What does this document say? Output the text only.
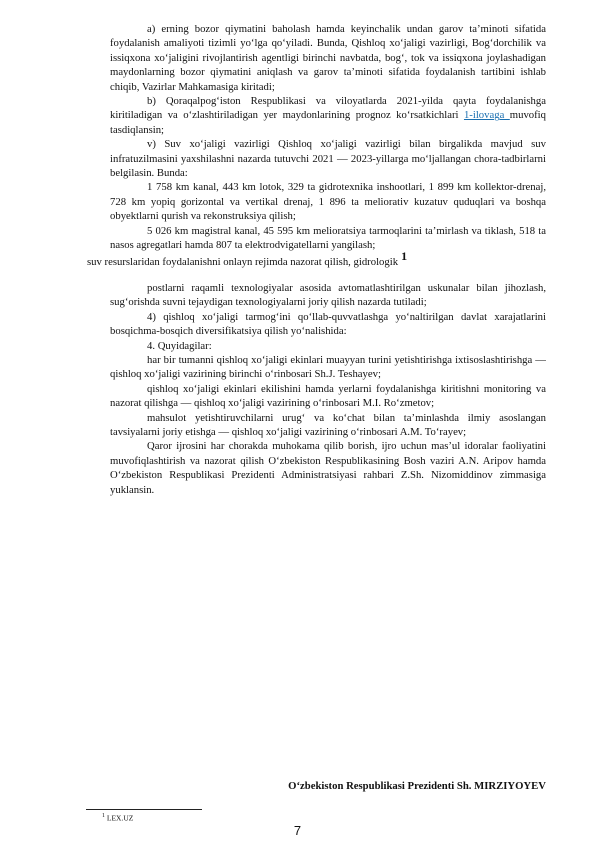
a) erning bozor qiymatini baholash hamda keyinchalik undan garov ta’minoti sifatida foydalanish amaliyoti tizimli yo‘lga qo‘yiladi. Bunda, Qishloq xo‘jaligi vazirligi, Bog‘dorchilik va issiqxona xo‘jaligini rivojlantirish agentligi birinchi navbatda, bog‘, tok va issiqxona joylashadigan maydonlarning bozor qiymatini aniqlash va garov ta’minoti sifatida foydalanish tartibini ishlab chiqib, Vazirlar Mahkamasiga kiritadi;

b) Qoraqalpog‘iston Respublikasi va viloyatlarda 2021-yilda qayta foydalanishga kiritiladigan va o‘zlashtiriladigan yer maydonlarining prognoz ko‘rsatkichlari 1-ilovaga muvofiq tasdiqlansin;

v) Suv xo‘jaligi vazirligi Qishloq xo‘jaligi vazirligi bilan birgalikda mavjud suv infratuzilmasini yaxshilashni nazarda tutuvchi 2021 — 2023-yillarga mo‘ljallangan chora-tadbirlarni belgilasin. Bunda:

1 758 km kanal, 443 km lotok, 329 ta gidrotexnika inshootlari, 1 899 km kollektor-drenaj, 728 km yopiq gorizontal va vertikal drenaj, 1 896 ta meliorativ kuzatuv quduqlari va boshqa obyektlarni qurish va rekonstruksiya qilish;

5 026 km magistral kanal, 45 595 km melioratsiya tarmoqlarini ta’mirlash va tiklash, 518 ta nasos agregatlari hamda 807 ta elektrodvigatellarni yangilash;

suv resurslaridan foydalanishni onlayn rejimda nazorat qilish, gidrologik 1

postlarni raqamli texnologiyalar asosida avtomatlashtirilgan uskunalar bilan jihozlash, sug‘orishda suvni tejaydigan texnologiyalarni joriy qilish nazarda tutiladi;

4) qishloq xo‘jaligi tarmog‘ini qo‘llab-quvvatlashga yo‘naltirilgan davlat xarajatlarini bosqichma-bosqich diversifikatsiya qilish yo‘nalishida:

4. Quyidagilar:

har bir tumanni qishloq xo‘jaligi ekinlari muayyan turini yetishtirishga ixtisoslashtirishga — qishloq xo‘jaligi vazirining birinchi o‘rinbosari Sh.J. Teshayev;

qishloq xo‘jaligi ekinlari ekilishini hamda yerlarni foydalanishga kiritishni monitoring va nazorat qilishga — qishloq xo‘jaligi vazirining o‘rinbosari M.I. Ro‘zmetov;

mahsulot yetishtiruvchilarni urug‘ va ko‘chat bilan ta’minlashda ilmiy asoslangan tavsiyalarni joriy etishga — qishloq xo‘jaligi vazirining o‘rinbosari A.M. To‘rayev;

Qaror ijrosini har chorakda muhokama qilib borish, ijro uchun mas’ul idoralar faoliyatini muvofiqlashtirish va nazorat qilish O‘zbekiston Respublikasining Bosh vaziri A.N. Aripov hamda O‘zbekiston Respublikasi Prezidenti Administratsiyasi rahbari Z.Sh. Nizomiddinov zimmasiga yuklansin.

O‘zbekiston Respublikasi Prezidenti Sh. MIRZIYOYEV
$^1$ LEX.UZ
7
